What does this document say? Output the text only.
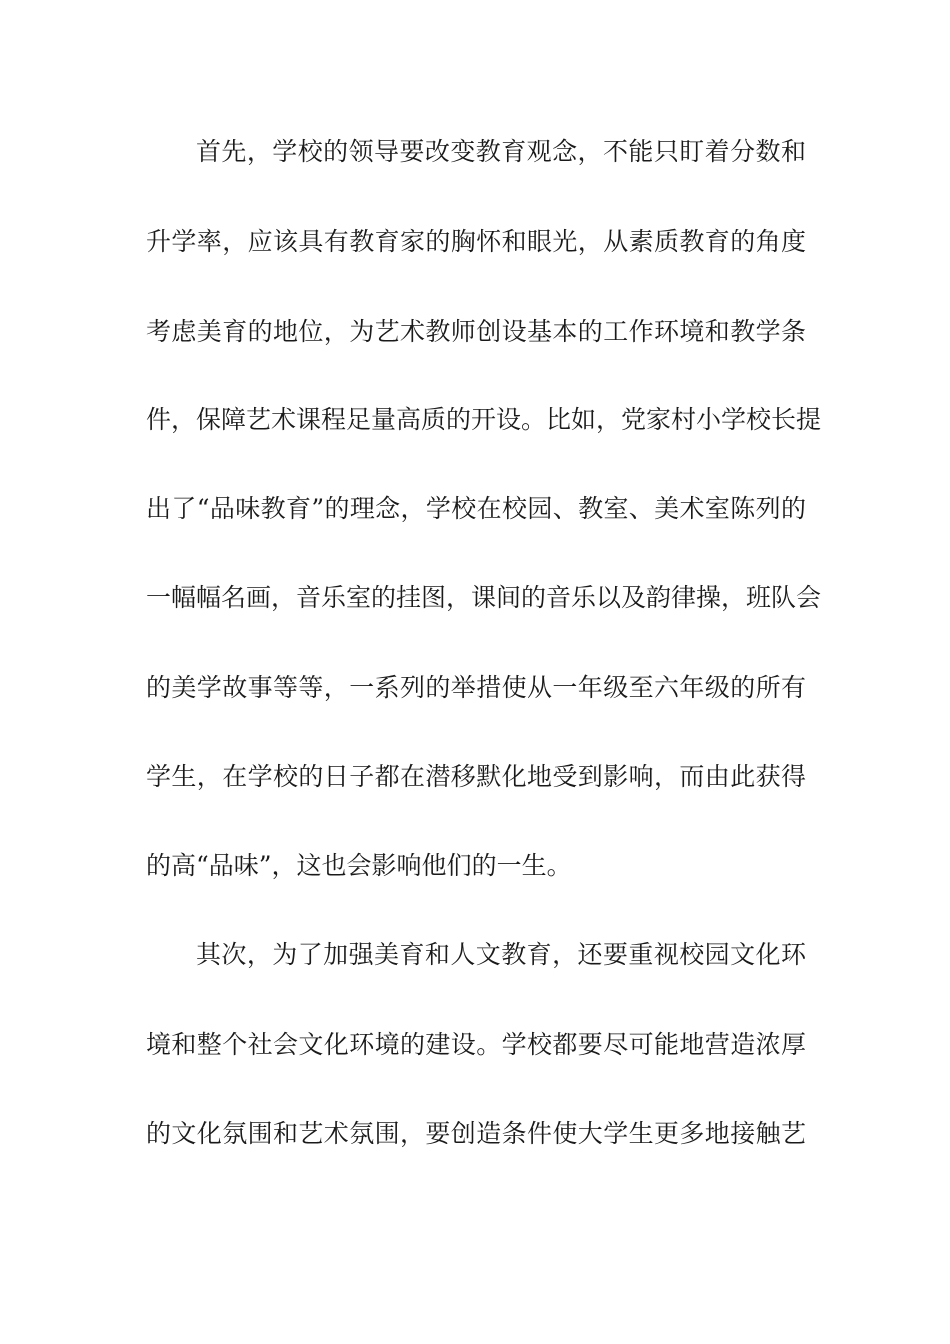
首先，学校的领导要改变教育观念，不能只盯着分数和
升学率，应该具有教育家的胸怀和眼光，从素质教育的角度
考虑美育的地位，为艺术教师创设基本的工作环境和教学条
件，保障艺术课程足量高质的开设。比如，党家村小学校长提
出了“品味教育”的理念，学校在校园、教室、美术室陈列的
一幅幅名画，音乐室的挂图，课间的音乐以及韵律操，班队会
的美学故事等等，一系列的举措使从一年级至六年级的所有
学生，在学校的日子都在潜移默化地受到影响，而由此获得
的高“品味”，这也会影响他们的一生。
其次，为了加强美育和人文教育，还要重视校园文化环
境和整个社会文化环境的建设。学校都要尽可能地营造浓厚
的文化氛围和艺术氛围，要创造条件使大学生更多地接触艺
